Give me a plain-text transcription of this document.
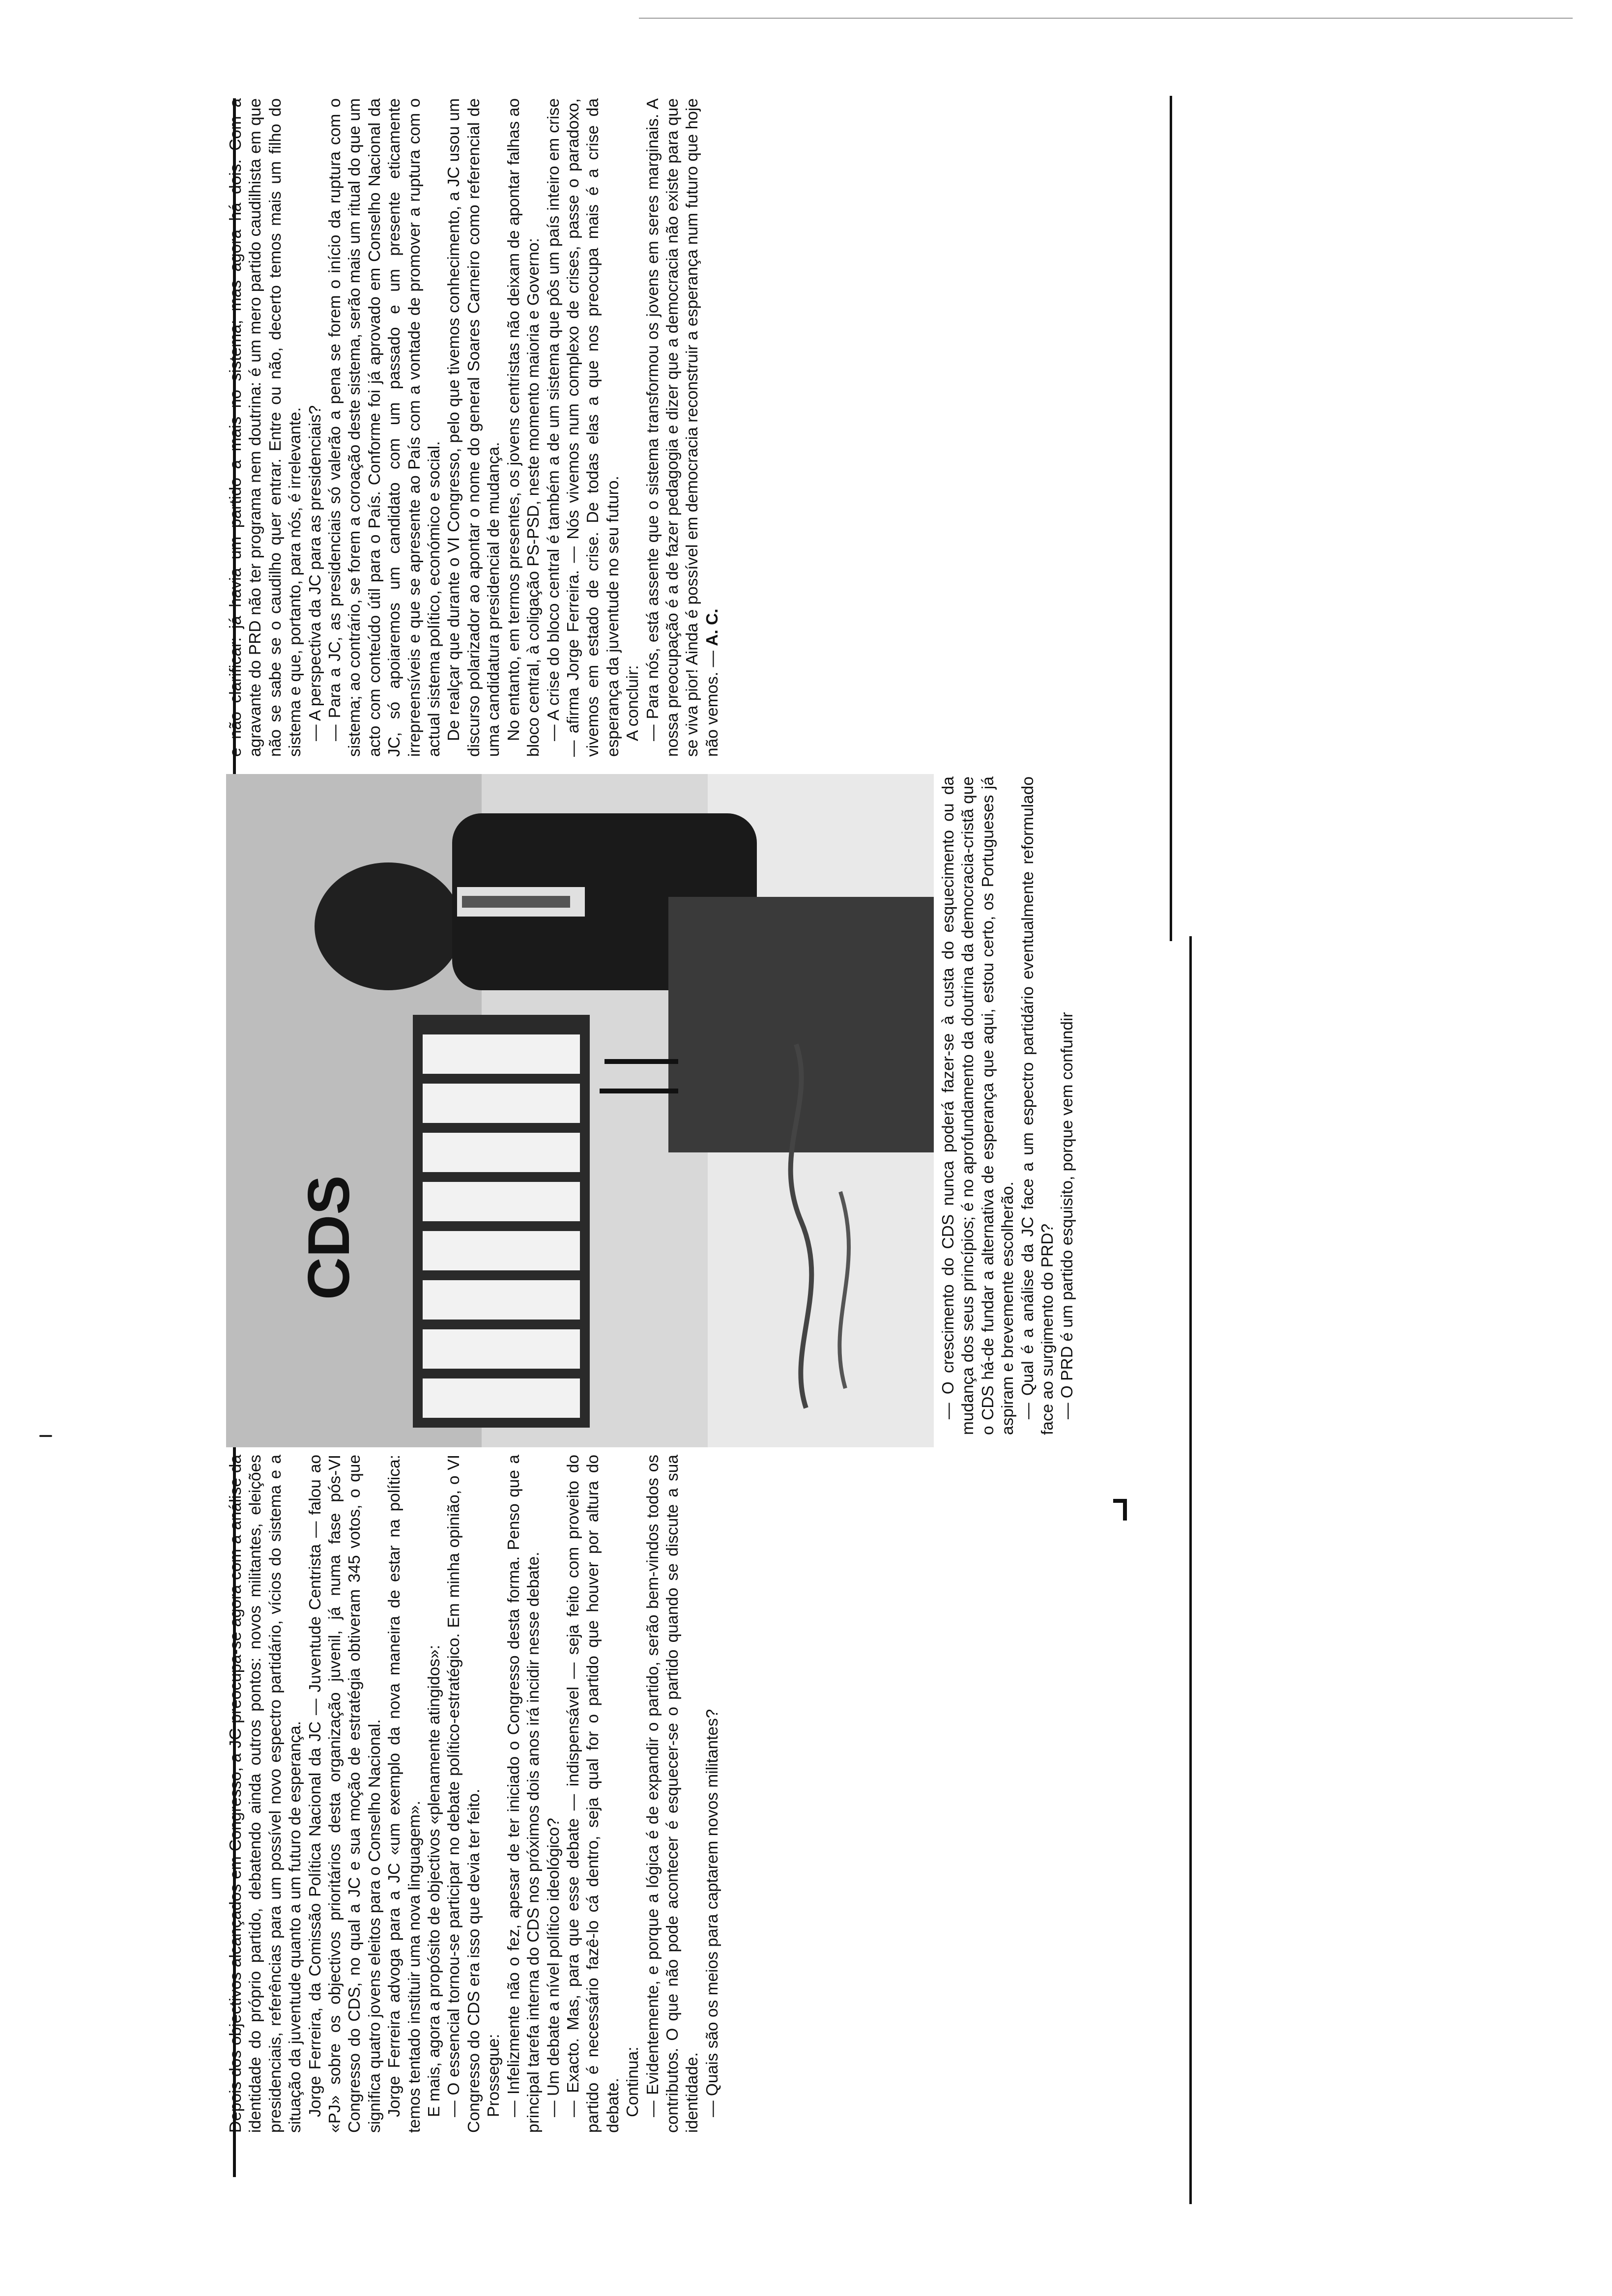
Depois dos objectivos alcançados em Congresso, a JC preocupa-se agora com a análise da identidade do próprio partido, debatendo ainda outros pontos: novos militantes, eleições presidenciais, referências para um possível novo espectro partidário, vícios do sistema e a situação da juventude quanto a um futuro de esperança. Jorge Ferreira, da Comissão Política Nacional da JC — Juventude Centrista — falou ao «PJ» sobre os objectivos prioritários desta organização juvenil, já numa fase pós-VI Congresso do CDS, no qual a JC e sua moção de estratégia obtiveram 345 votos, o que significa quatro jovens eleitos para o Conselho Nacional. Jorge Ferreira advoga para a JC «um exemplo da nova maneira de estar na política: temos tentado instituir uma nova linguagem». E mais, agora a propósito de objectivos «plenamente atingidos»: — O essencial tornou-se participar no debate político-estratégico. Em minha opinião, o VI Congresso do CDS era isso que devia ter feito. Prossegue: — Infelizmente não o fez, apesar de ter iniciado o Congresso desta forma. Penso que a principal tarefa interna do CDS nos próximos dois anos irá incidir nesse debate. — Um debate a nível político ideológico? — Exacto. Mas, para que esse debate — indispensável — seja feito com proveito do partido é necessário fazê-lo cá dentro, seja qual for o partido que houver por altura do debate. Continua: — Evidentemente, e porque a lógica é de expandir o partido, serão bem-vindos todos os contributos. O que não pode acontecer é esquecer-se o partido quando se discute a sua identidade. — Quais são os meios para captarem novos militantes?

CDS	— O crescimento do CDS nunca poderá fazer-se à custa do esquecimento ou da mudança dos seus princípios; é no aprofundamento da doutrina da democracia-cristã que o CDS há-de fundar a alternativa de esperança que aqui, estou certo, os Portugueses já aspiram e brevemente escolherão. — Qual é a análise da JC face a um espectro partidário eventualmente reformulado face ao surgimento do PRD? — O PRD é um partido esquisito, porque vem confundir

e não clarificar: já havia um partido a mais no sistema; mas agora há dois. Com a agravante do PRD não ter programa nem doutrina: é um mero partido caudilhista em que não se sabe se o caudilho quer entrar. Entre ou não, decerto temos mais um filho do sistema e que, portanto, para nós, é irrelevante. — A perspectiva da JC para as presidenciais? — Para a JC, as presidenciais só valerão a pena se forem o início da ruptura com o sistema; ao contrário, se forem a coroação deste sistema, serão mais um ritual do que um acto com conteúdo útil para o País. Conforme foi já aprovado em Conselho Nacional da JC, só apoiaremos um candidato com um passado e um presente eticamente irrepreensíveis e que se apresente ao País com a vontade de promover a ruptura com o actual sistema político, económico e social. De realçar que durante o VI Congresso, pelo que tivemos conhecimento, a JC usou um discurso polarizador ao apontar o nome do general Soares Carneiro como referencial de uma candidatura presidencial de mudança. No entanto, em termos presentes, os jovens centristas não deixam de apontar falhas ao bloco central, à coligação PS-PSD, neste momento maioria e Governo: — A crise do bloco central é também a de um sistema que pôs um país inteiro em crise — afirma Jorge Ferreira. — Nós vivemos num complexo de crises, passe o paradoxo, vivemos em estado de crise. De todas elas a que nos preocupa mais é a crise da esperança da juventude no seu futuro. A concluir: — Para nós, está assente que o sistema transformou os jovens em seres marginais. A nossa preocupação é a de fazer pedagogia e dizer que a democracia não existe para que se viva pior! Ainda é possível em democracia reconstruir a esperança num futuro que hoje não vemos. — A. C.
